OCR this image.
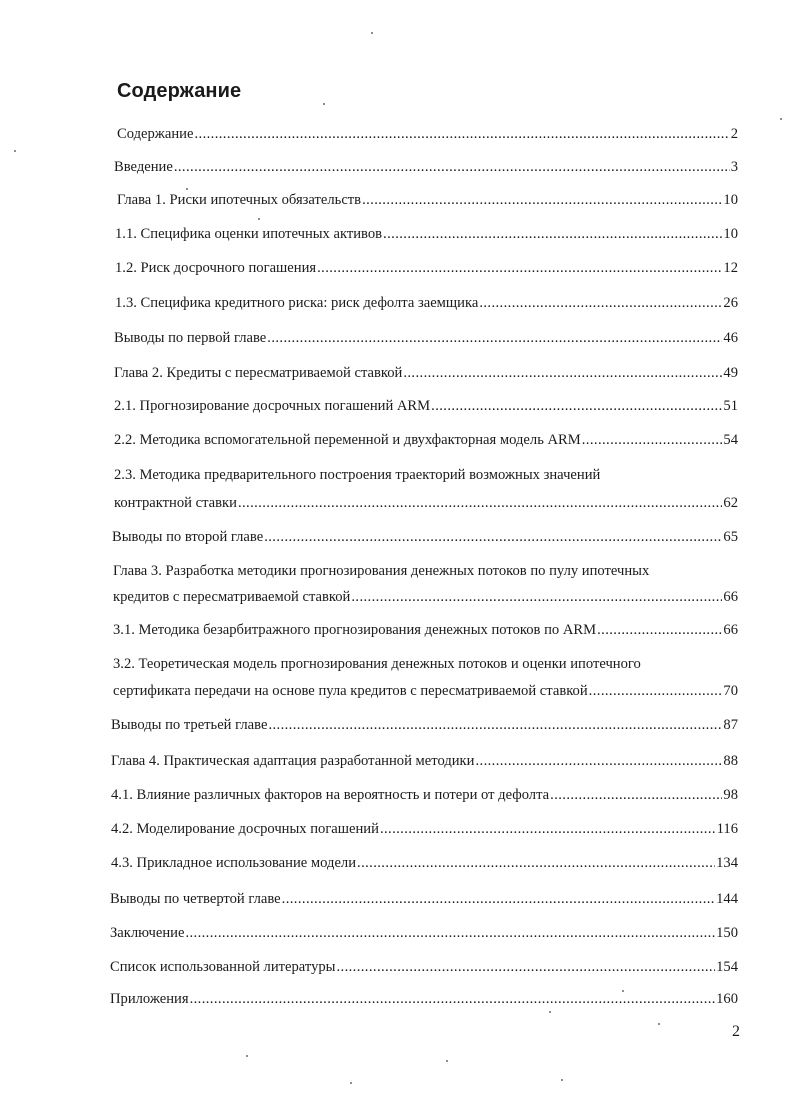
Содержание
Содержание .....	2
Введение .....	3
Глава 1. Риски ипотечных обязательств .....	10
1.1. Специфика оценки ипотечных активов .....	10
1.2. Риск досрочного погашения .....	12
1.3. Специфика кредитного риска: риск дефолта заемщика .....	26
Выводы по первой главе .....	46
Глава 2. Кредиты с пересматриваемой ставкой .....	49
2.1. Прогнозирование досрочных погашений ARM .....	51
2.2. Методика вспомогательной переменной и двухфакторная модель ARM .....	54
2.3. Методика предварительного построения траекторий возможных значений
контрактной ставки .....	62
Выводы по второй главе .....	65
Глава 3. Разработка методики прогнозирования денежных потоков по пулу ипотечных
кредитов с пересматриваемой ставкой .....	66
3.1. Методика безарбитражного прогнозирования денежных потоков по ARM .....	66
3.2. Теоретическая модель прогнозирования денежных потоков и оценки ипотечного
сертификата передачи на основе пула кредитов с пересматриваемой ставкой .....	70
Выводы по третьей главе .....	87
Глава 4. Практическая адаптация разработанной методики .....	88
4.1. Влияние различных факторов на вероятность и потери от дефолта .....	98
4.2. Моделирование досрочных погашений .....	116
4.3. Прикладное использование модели .....	134
Выводы по четвертой главе .....	144
Заключение .....	150
Список использованной литературы .....	154
Приложения .....	160
2
